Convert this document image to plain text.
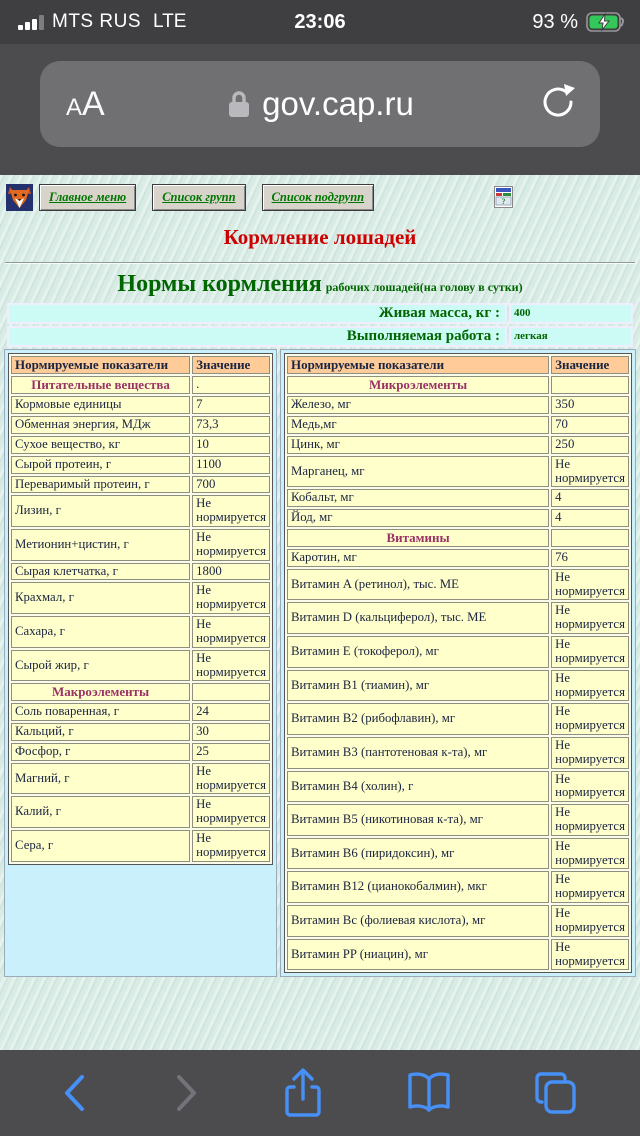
MTS RUS LTE	23:06	93 %
А А	gov.cap.ru
Главное меню	Список групп	Список подгрупп	?
Кормление лошадей
Нормы кормления рабочих лошадей(на голову в сутки)
Живая масса, кг :	400
Выполняемая работа :	легкая
Нормируемые показатели	Значение
Питательные вещества	.
Кормовые единицы	7
Обменная энергия, МДж	73,3
Сухое вещество, кг	10
Сырой протеин, г	1100
Переваримый протеин, г	700
Лизин, г	Не нормируется
Метионин+цистин, г	Не нормируется
Сырая клетчатка, г	1800
Крахмал, г	Не нормируется
Сахара, г	Не нормируется
Сырой жир, г	Не нормируется
Макроэлементы	
Соль поваренная, г	24
Кальций, г	30
Фосфор, г	25
Магний, г	Не нормируется
Калий, г	Не нормируется
Сера, г	Не нормируется
Нормируемые показатели	Значение
Микроэлементы	
Железо, мг	350
Медь,мг	70
Цинк, мг	250
Марганец, мг	Не нормируется
Кобальт, мг	4
Йод, мг	4
Витамины	
Каротин, мг	76
Витамин A (ретинол), тыс. ME	Не нормируется
Витамин D (кальциферол), тыс. ME	Не нормируется
Витамин E (токоферол), мг	Не нормируется
Витамин B1 (тиамин), мг	Не нормируется
Витамин B2 (рибофлавин), мг	Не нормируется
Витамин B3 (пантотеновая к-та), мг	Не нормируется
Витамин B4 (холин), г	Не нормируется
Витамин B5 (никотиновая к-та), мг	Не нормируется
Витамин B6 (пиридоксин), мг	Не нормируется
Витамин B12 (цианокобалмин), мкг	Не нормируется
Витамин Bc (фолиевая кислота), мг	Не нормируется
Витамин PP (ниацин), мг	Не нормируется
